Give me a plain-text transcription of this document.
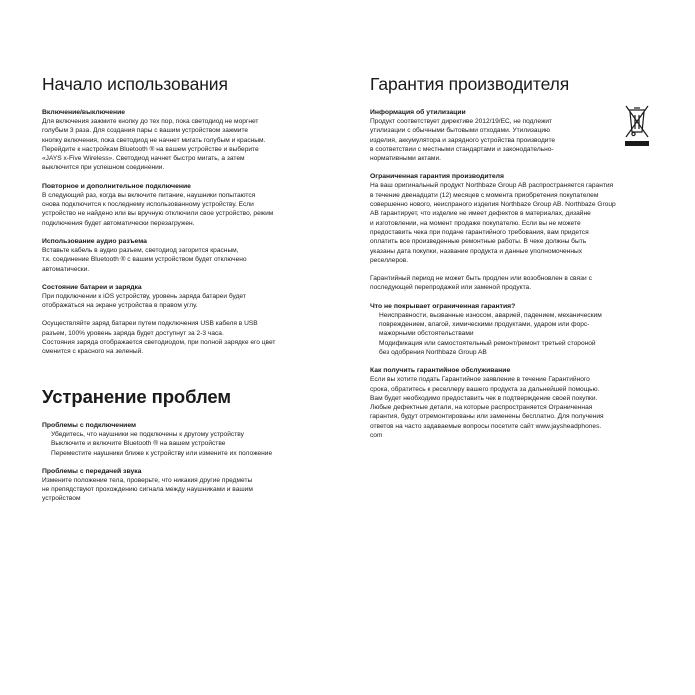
Начало использования
Включение/выключение
Для включения зажмите кнопку до тех пор, пока светодиод не моргнет
голубым 3 раза. Для создания пары с вашим устройством зажмите
кнопку включения, пока светодиод не начнет мигать голубым и красным.
Перейдите к настройкам Bluetooth ® на вашем устройстве и выберите
«JAYS x-Five Wireless». Светодиод начнет быстро мигать, а затем
выключится при успешном соединении.
Повторное и дополнительное подключение
В следующий раз, когда вы включите питание, наушники попытаются
снова подключится к последнему использованному устройству. Если
устройство не найдено или вы вручную отключили свое устройство, режим
подключения будет автоматически перезагружен.
Использование аудио разъема
Вставьте кабель в аудио разъем, светодиод загорится красным,
т.к. соединение Bluetooth ® с вашим устройством будет отключено
автоматически.
Состояние батареи и зарядка
При подключении к iOS устройству, уровень заряда батареи будет
отображаться на экране устройства в правом углу.
Осуществляйте заряд батареи путем подключения USB кабеля в USB
разъем, 100% уровень заряда будет доступнут за 2-3 часа.
Состояния заряда отображается светодиодом, при полной зарядке его цвет
сменится с красного на зеленый.
Устранение проблем
Проблемы с подключением
Убедитесь, что наушники не подключены к другому устройству
Выключите и включите Bluetooth ® на вашем устройстве
Переместите наушники ближе к устройству или измените их положение
Проблемы с передачей звука
Измените положение тела, проверьте, что никакия другие предметы
не препядствуют прохождению сигнала между наушниками и вашим
устройством
Гарантия производителя
Информация об утилизации
Продукт соответствует директиве 2012/19/EC, не подлежит
утилизации с обычными бытовыми отходами. Утилизацию
изделия, аккумулятора и зарядного устройства производите
в соответствии с местными стандартами и законодательно-
нормативными актами.
Ограниченная гарантия производителя
На ваш оригинальный продукт Northbaze Group AB распространяется гарантия
в течение двенадцати (12) месяцев с момента приобретения покупателем
совершенно нового, неиспраного изделия Northbaze Group AB. Northbaze Group
AB гарантирует, что изделие не имеет дефектов в материалах, дизайне
и изготовлении, на момент продаже покупателю. Если вы не можете
предоставить чека при подаче гарантийного требования, вам придется
оплатить все произведенные ремонтные работы. В чеке должны быть
указаны дата покупки, название продукта и данные уполномоченных
реселлеров.
Гарантийный период не может быть продлен или возобновлен в связи с
последующей перепродажей или заменой продукта.
Что не покрывает ограниченная гарантия?
Неисправности, вызванные износом, аварией, падением, механическим
повреждением, влагой, химическими продуктами, ударом или форс-
мажорными обстоятельствами
Модификация или самостоятельный ремонт/ремонт третьей стороной
без одобрения Northbaze Group AB
Как получить гарантийное обслуживание
Если вы хотите подать Гарантийное заявление в течение Гарантийного
срока, обратитесь к реселлеру вашего продукта за дальнейшей помощью.
Вам будет необходимо предоставить чек в подтверждение своей покупки.
Любые дефектные детали, на которые распространяется Ограниченная
гарантия, будут отремонтированы или заменены бесплатно. Для получения
ответов на часто задаваемые вопросы посетите сайт www.jaysheadphones.
com
